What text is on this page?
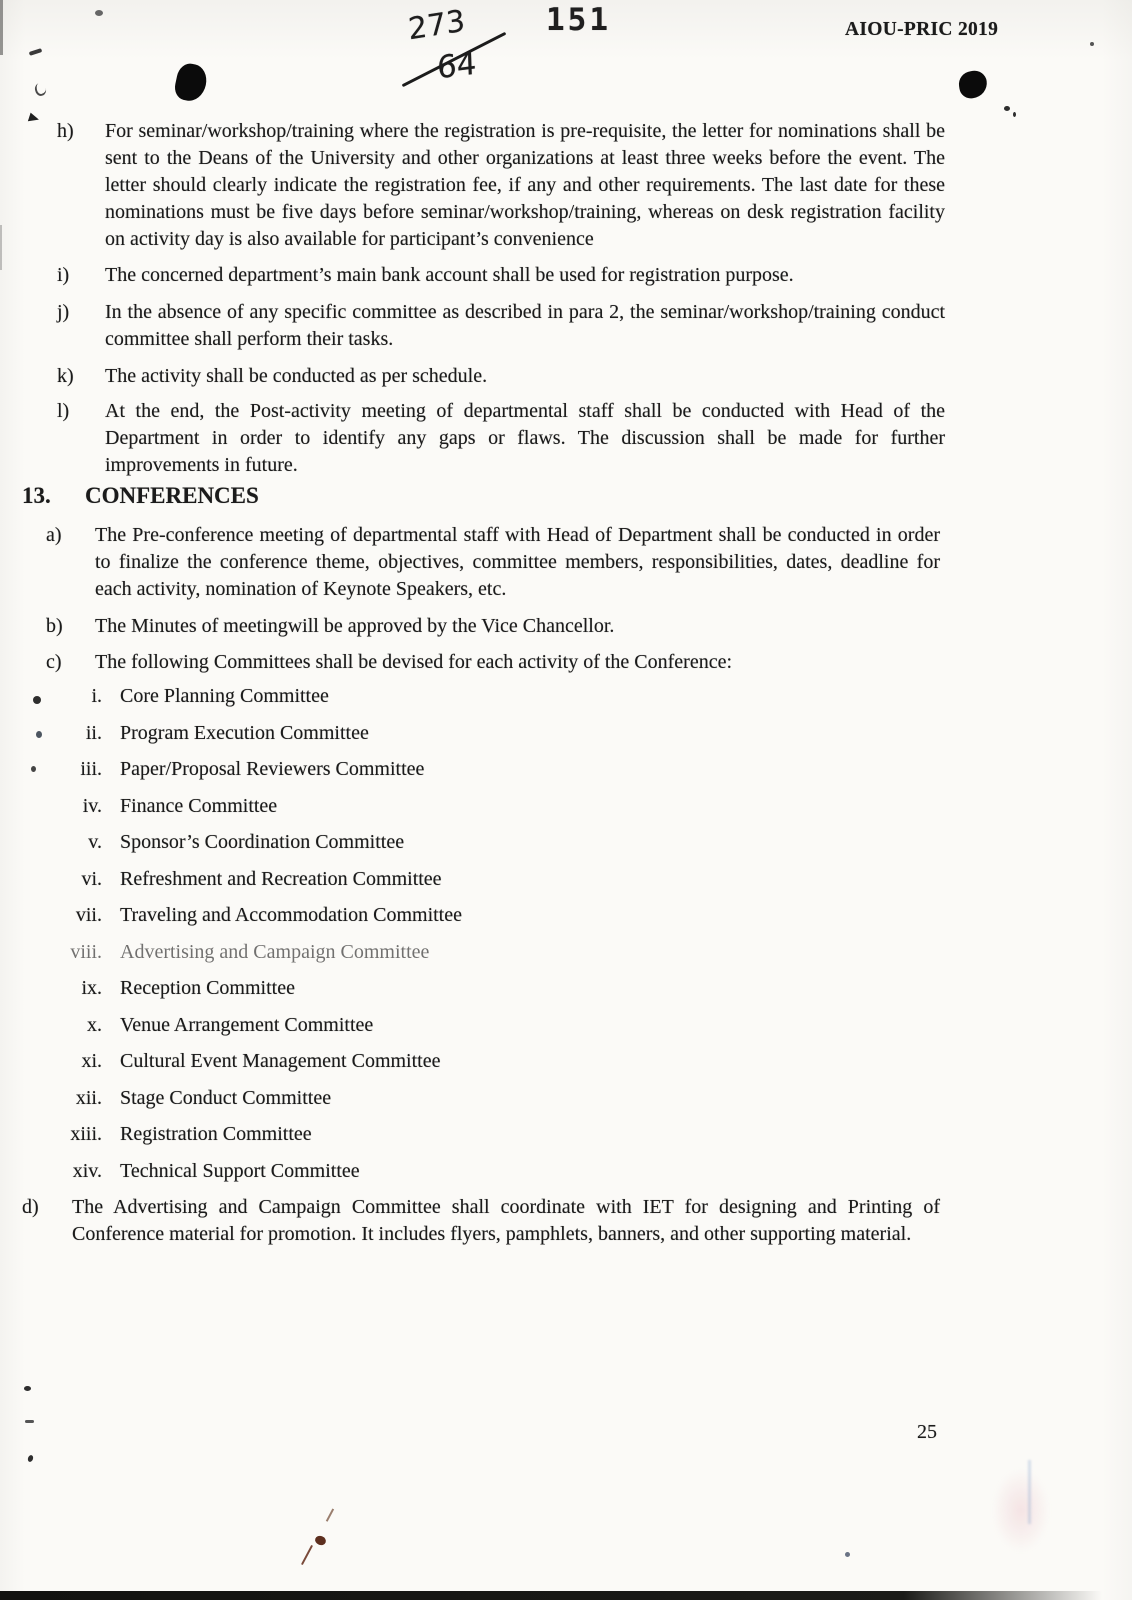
273
64
151	AIOU-PRIC 2019
h)	For seminar/workshop/training where the registration is pre-requisite, the letter for nominations shall be sent to the Deans of the University and other organizations at least three weeks before the event. The letter should clearly indicate the registration fee, if any and other requirements. The last date for these nominations must be five days before seminar/workshop/training, whereas on desk registration facility on activity day is also available for participant’s convenience
i)	The concerned department’s main bank account shall be used for registration purpose.
j)	In the absence of any specific committee as described in para 2, the seminar/workshop/training conduct committee shall perform their tasks.
k)	The activity shall be conducted as per schedule.
l)	At the end, the Post-activity meeting of departmental staff shall be conducted with Head of the Department in order to identify any gaps or flaws. The discussion shall be made for further improvements in future.
13.	CONFERENCES
a)	The Pre-conference meeting of departmental staff with Head of Department shall be conducted in order to finalize the conference theme, objectives, committee members, responsibilities, dates, deadline for each activity, nomination of Keynote Speakers, etc.
b)	The Minutes of meetingwill be approved by the Vice Chancellor.
c)	The following Committees shall be devised for each activity of the Conference:
i. Core Planning Committee
ii. Program Execution Committee
iii. Paper/Proposal Reviewers Committee
iv. Finance Committee
v. Sponsor’s Coordination Committee
vi. Refreshment and Recreation Committee
vii. Traveling and Accommodation Committee
viii. Advertising and Campaign Committee
ix. Reception Committee
x. Venue Arrangement Committee
xi. Cultural Event Management Committee
xii. Stage Conduct Committee
xiii. Registration Committee
xiv. Technical Support Committee
d)	The Advertising and Campaign Committee shall coordinate with IET for designing and Printing of Conference material for promotion. It includes flyers, pamphlets, banners, and other supporting material.
25
